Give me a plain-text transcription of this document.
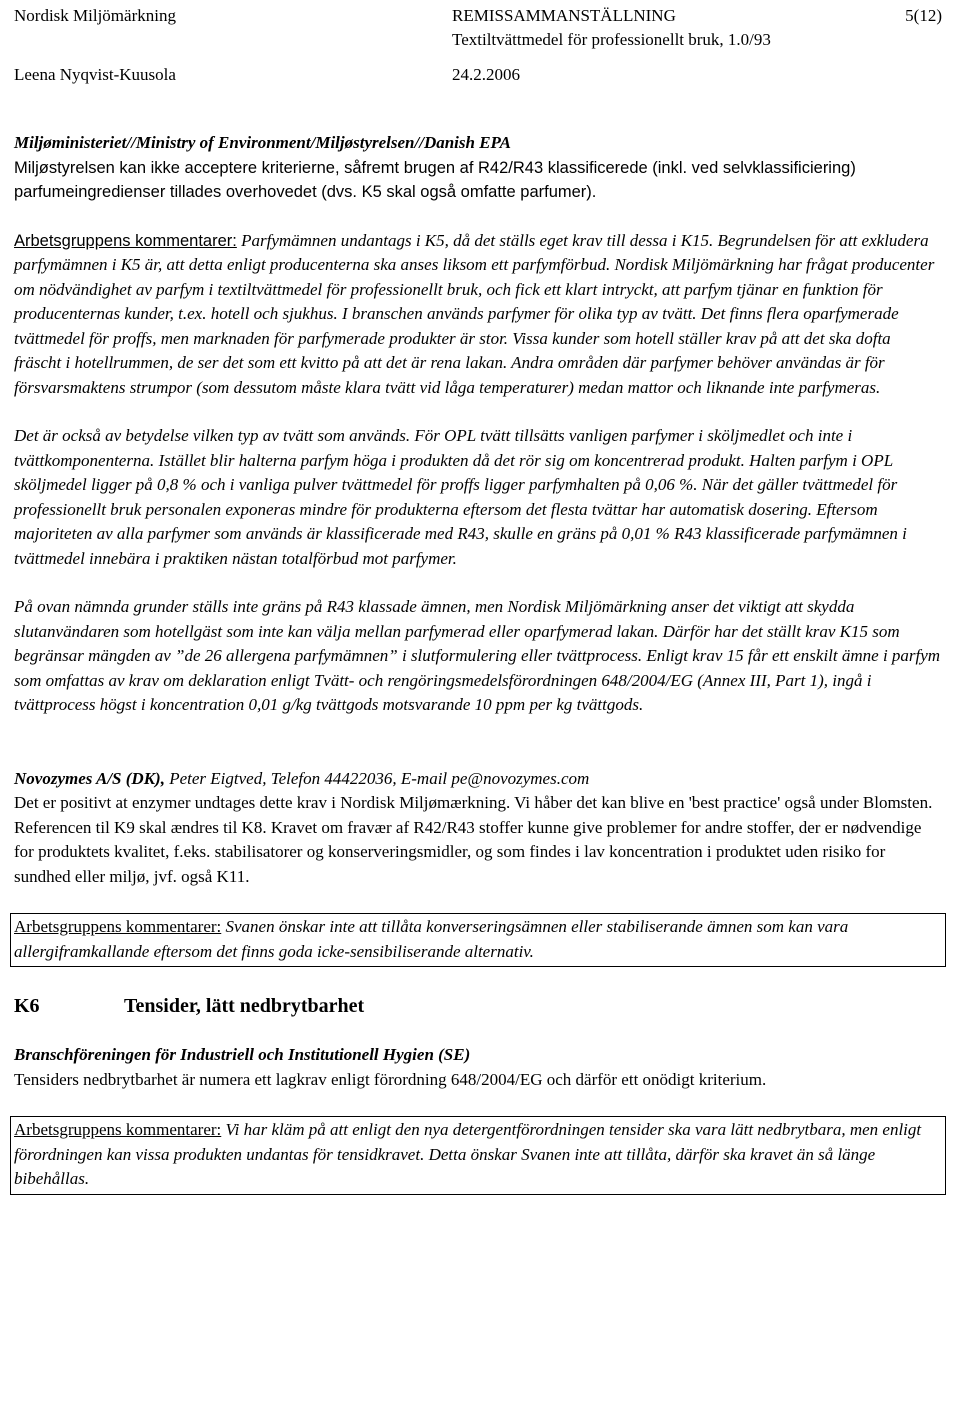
Nordisk Miljömärkning	REMISSAMMANSTÄLLNING	5(12)
Textiltvättmedel för professionellt bruk, 1.0/93
Leena Nyqvist-Kuusola	24.2.2006

Miljøministeriet//Ministry of Environment/Miljøstyrelsen//Danish EPA

Miljøstyrelsen kan ikke acceptere kriterierne, såfremt brugen af R42/R43 klassificerede (inkl. ved selvklassificiering) parfumeingredienser tillades overhovedet (dvs. K5 skal også omfatte parfumer).

Arbetsgruppens kommentarer: Parfymämnen undantags i K5, då det ställs eget krav till dessa i K15. Begrundelsen för att exkludera parfymämnen i K5 är, att detta enligt producenterna ska anses liksom ett parfymförbud. Nordisk Miljömärkning har frågat producenter om nödvändighet av parfym i textiltvättmedel för professionellt bruk, och fick ett klart intryckt, att parfym tjänar en funktion för producenternas kunder, t.ex. hotell och sjukhus. I branschen används parfymer för olika typ av tvätt. Det finns flera oparfymerade tvättmedel för proffs, men marknaden för parfymerade produkter är stor. Vissa kunder som hotell ställer krav på att det ska dofta fräscht i hotellrummen, de ser det som ett kvitto på att det är rena lakan. Andra områden där parfymer behöver användas är för försvarsmaktens strumpor (som dessutom måste klara tvätt vid låga temperaturer) medan mattor och liknande inte parfymeras.

Det är också av betydelse vilken typ av tvätt som används. För OPL tvätt tillsätts vanligen parfymer i sköljmedlet och inte i tvättkomponenterna. Istället blir halterna parfym höga i produkten då det rör sig om koncentrerad produkt. Halten parfym i OPL sköljmedel ligger på 0,8 % och i vanliga pulver tvättmedel för proffs ligger parfymhalten på 0,06 %. När det gäller tvättmedel för professionellt bruk personalen exponeras mindre för produkterna eftersom det flesta tvättar har automatisk dosering. Eftersom majoriteten av alla parfymer som används är klassificerade med R43, skulle en gräns på 0,01 % R43 klassificerade parfymämnen i tvättmedel innebära i praktiken nästan totalförbud mot parfymer.

På ovan nämnda grunder ställs inte gräns på R43 klassade ämnen, men Nordisk Miljömärkning anser det viktigt att skydda slutanvändaren som hotellgäst som inte kan välja mellan parfymerad eller oparfymerad lakan. Därför har det ställt krav K15 som begränsar mängden av ”de 26 allergena parfymämnen” i slutformulering eller tvättprocess. Enligt krav 15 får ett enskilt ämne i parfym som omfattas av krav om deklaration enligt Tvätt- och rengöringsmedelsförordningen 648/2004/EG (Annex III, Part 1), ingå i tvättprocess högst i koncentration 0,01 g/kg tvättgods motsvarande 10 ppm per kg tvättgods.

Novozymes A/S (DK), Peter Eigtved, Telefon 44422036, E-mail pe@novozymes.com

Det er positivt at enzymer undtages dette krav i Nordisk Miljømærkning. Vi håber det kan blive en 'best practice' også under Blomsten. Referencen til K9 skal ændres til K8. Kravet om fravær af R42/R43 stoffer kunne give problemer for andre stoffer, der er nødvendige for produktets kvalitet, f.eks. stabilisatorer og konserveringsmidler, og som findes i lav koncentration i produktet uden risiko for sundhed eller miljø, jvf. også K11.

Arbetsgruppens kommentarer: Svanen önskar inte att tillåta konverseringsämnen eller stabiliserande ämnen som kan vara allergiframkallande eftersom det finns goda icke-sensibiliserande alternativ.

K6	Tensider, lätt nedbrytbarhet

Branschföreningen för Industriell och Institutionell Hygien (SE)

Tensiders nedbrytbarhet är numera ett lagkrav enligt förordning 648/2004/EG och därför ett onödigt kriterium.

Arbetsgruppens kommentarer: Vi har kläm på att enligt den nya detergentförordningen tensider ska vara lätt nedbrytbara, men enligt förordningen kan vissa produkten undantas för tensidkravet. Detta önskar Svanen inte att tillåta, därför ska kravet än så länge bibehållas.
